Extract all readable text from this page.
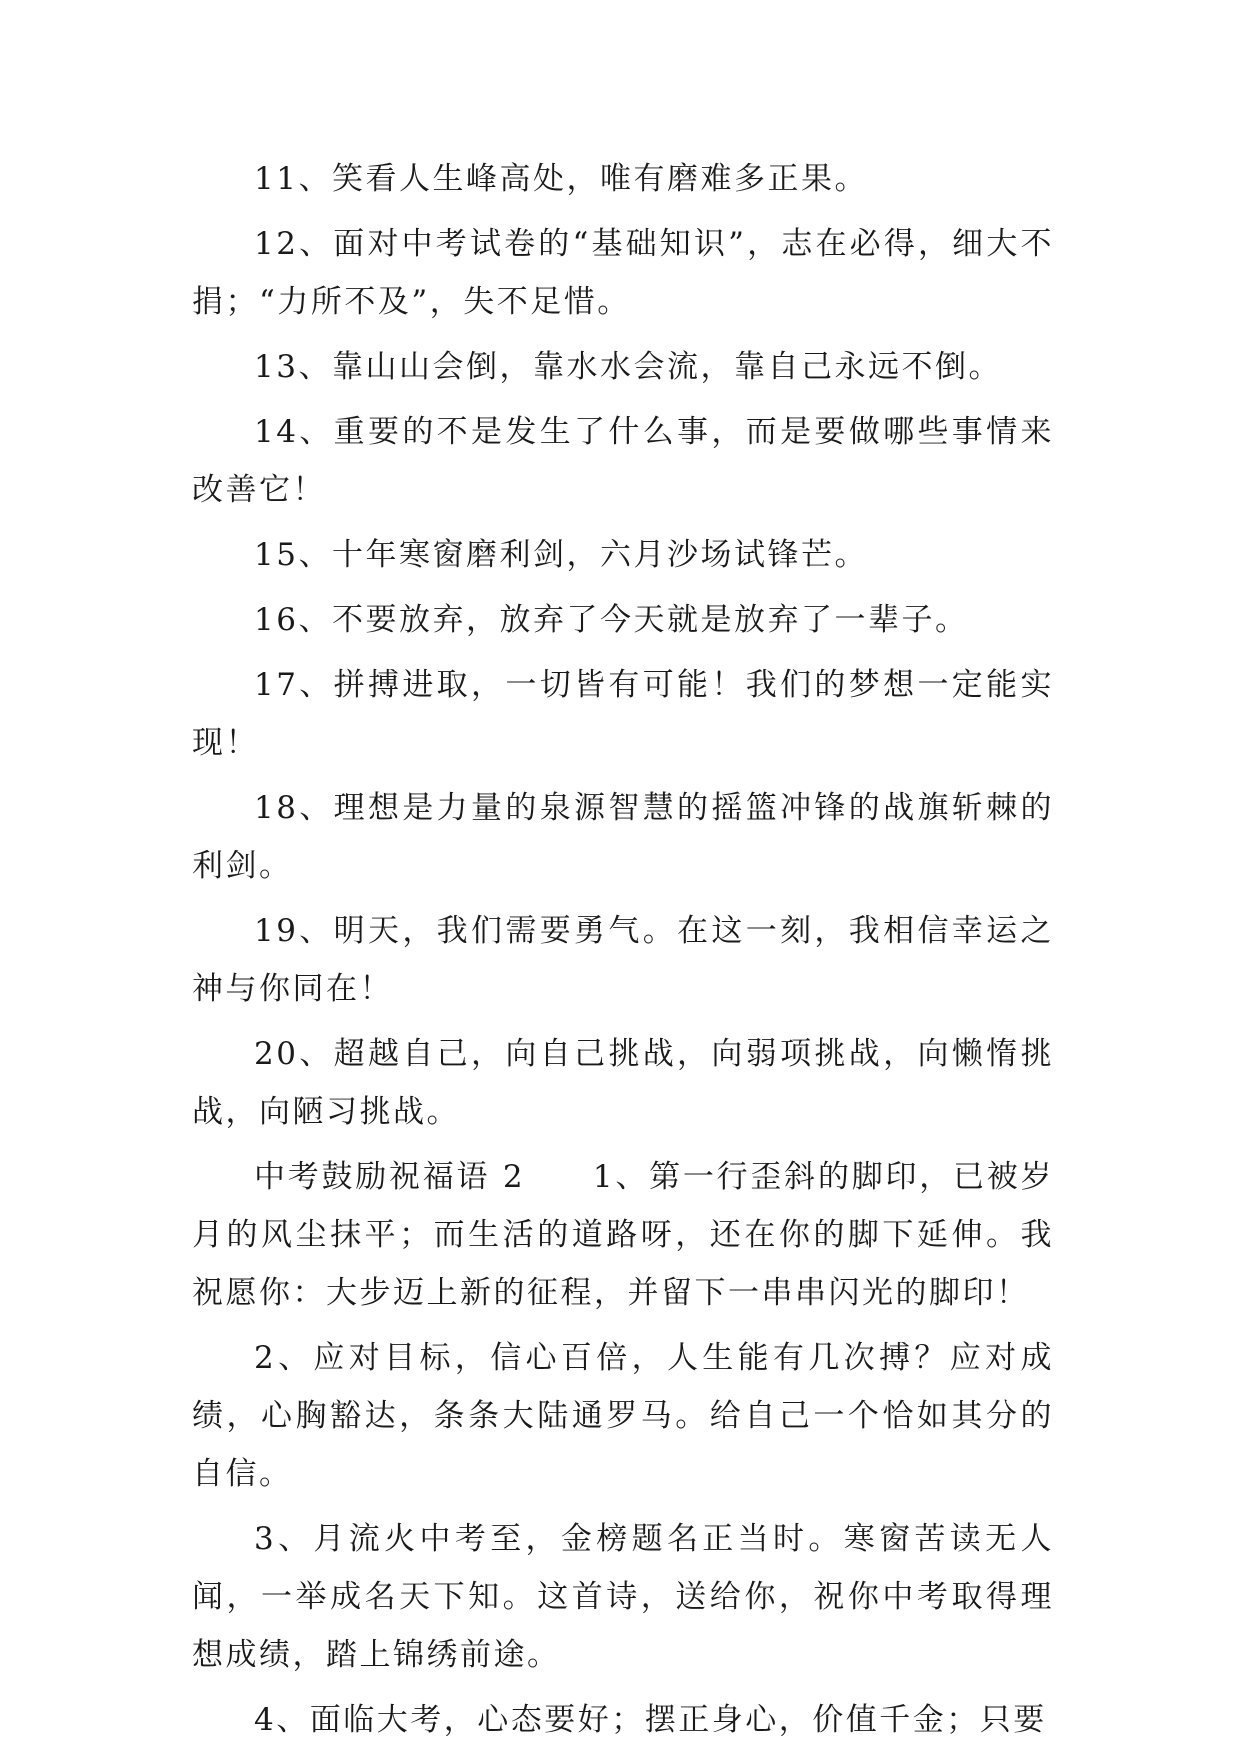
11、笑看人生峰高处，唯有磨难多正果。

12、面对中考试卷的“基础知识”，志在必得，细大不捐；“力所不及”，失不足惜。

13、靠山山会倒，靠水水会流，靠自己永远不倒。

14、重要的不是发生了什么事，而是要做哪些事情来改善它！

15、十年寒窗磨利剑，六月沙场试锋芒。

16、不要放弃，放弃了今天就是放弃了一辈子。

17、拼搏进取，一切皆有可能！我们的梦想一定能实现！

18、理想是力量的泉源智慧的摇篮冲锋的战旗斩棘的利剑。

19、明天，我们需要勇气。在这一刻，我相信幸运之神与你同在！

20、超越自己，向自己挑战，向弱项挑战，向懒惰挑战，向陋习挑战。

中考鼓励祝福语 2　　1、第一行歪斜的脚印，已被岁月的风尘抹平；而生活的道路呀，还在你的脚下延伸。我祝愿你：大步迈上新的征程，并留下一串串闪光的脚印！

2、应对目标，信心百倍，人生能有几次搏？应对成绩，心胸豁达，条条大陆通罗马。给自己一个恰如其分的自信。

3、月流火中考至，金榜题名正当时。寒窗苦读无人闻，一举成名天下知。这首诗，送给你，祝你中考取得理想成绩，踏上锦绣前途。

4、面临大考，心态要好；摆正身心，价值千金；只要
